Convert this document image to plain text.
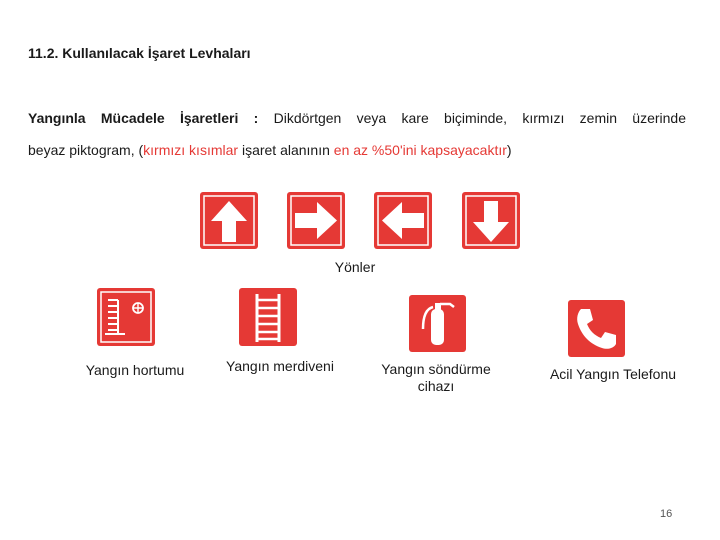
11.2. Kullanılacak İşaret Levhaları
Yangınla Mücadele İşaretleri : Dikdörtgen veya kare biçiminde, kırmızı zemin üzerinde
beyaz piktogram, (kırmızı kısımlar işaret alanının en az %50'ini kapsayacaktır)
Yönler
Yangın hortumu	Yangın merdiveni	Yangın söndürme
cihazı
Acil Yangın Telefonu
16
